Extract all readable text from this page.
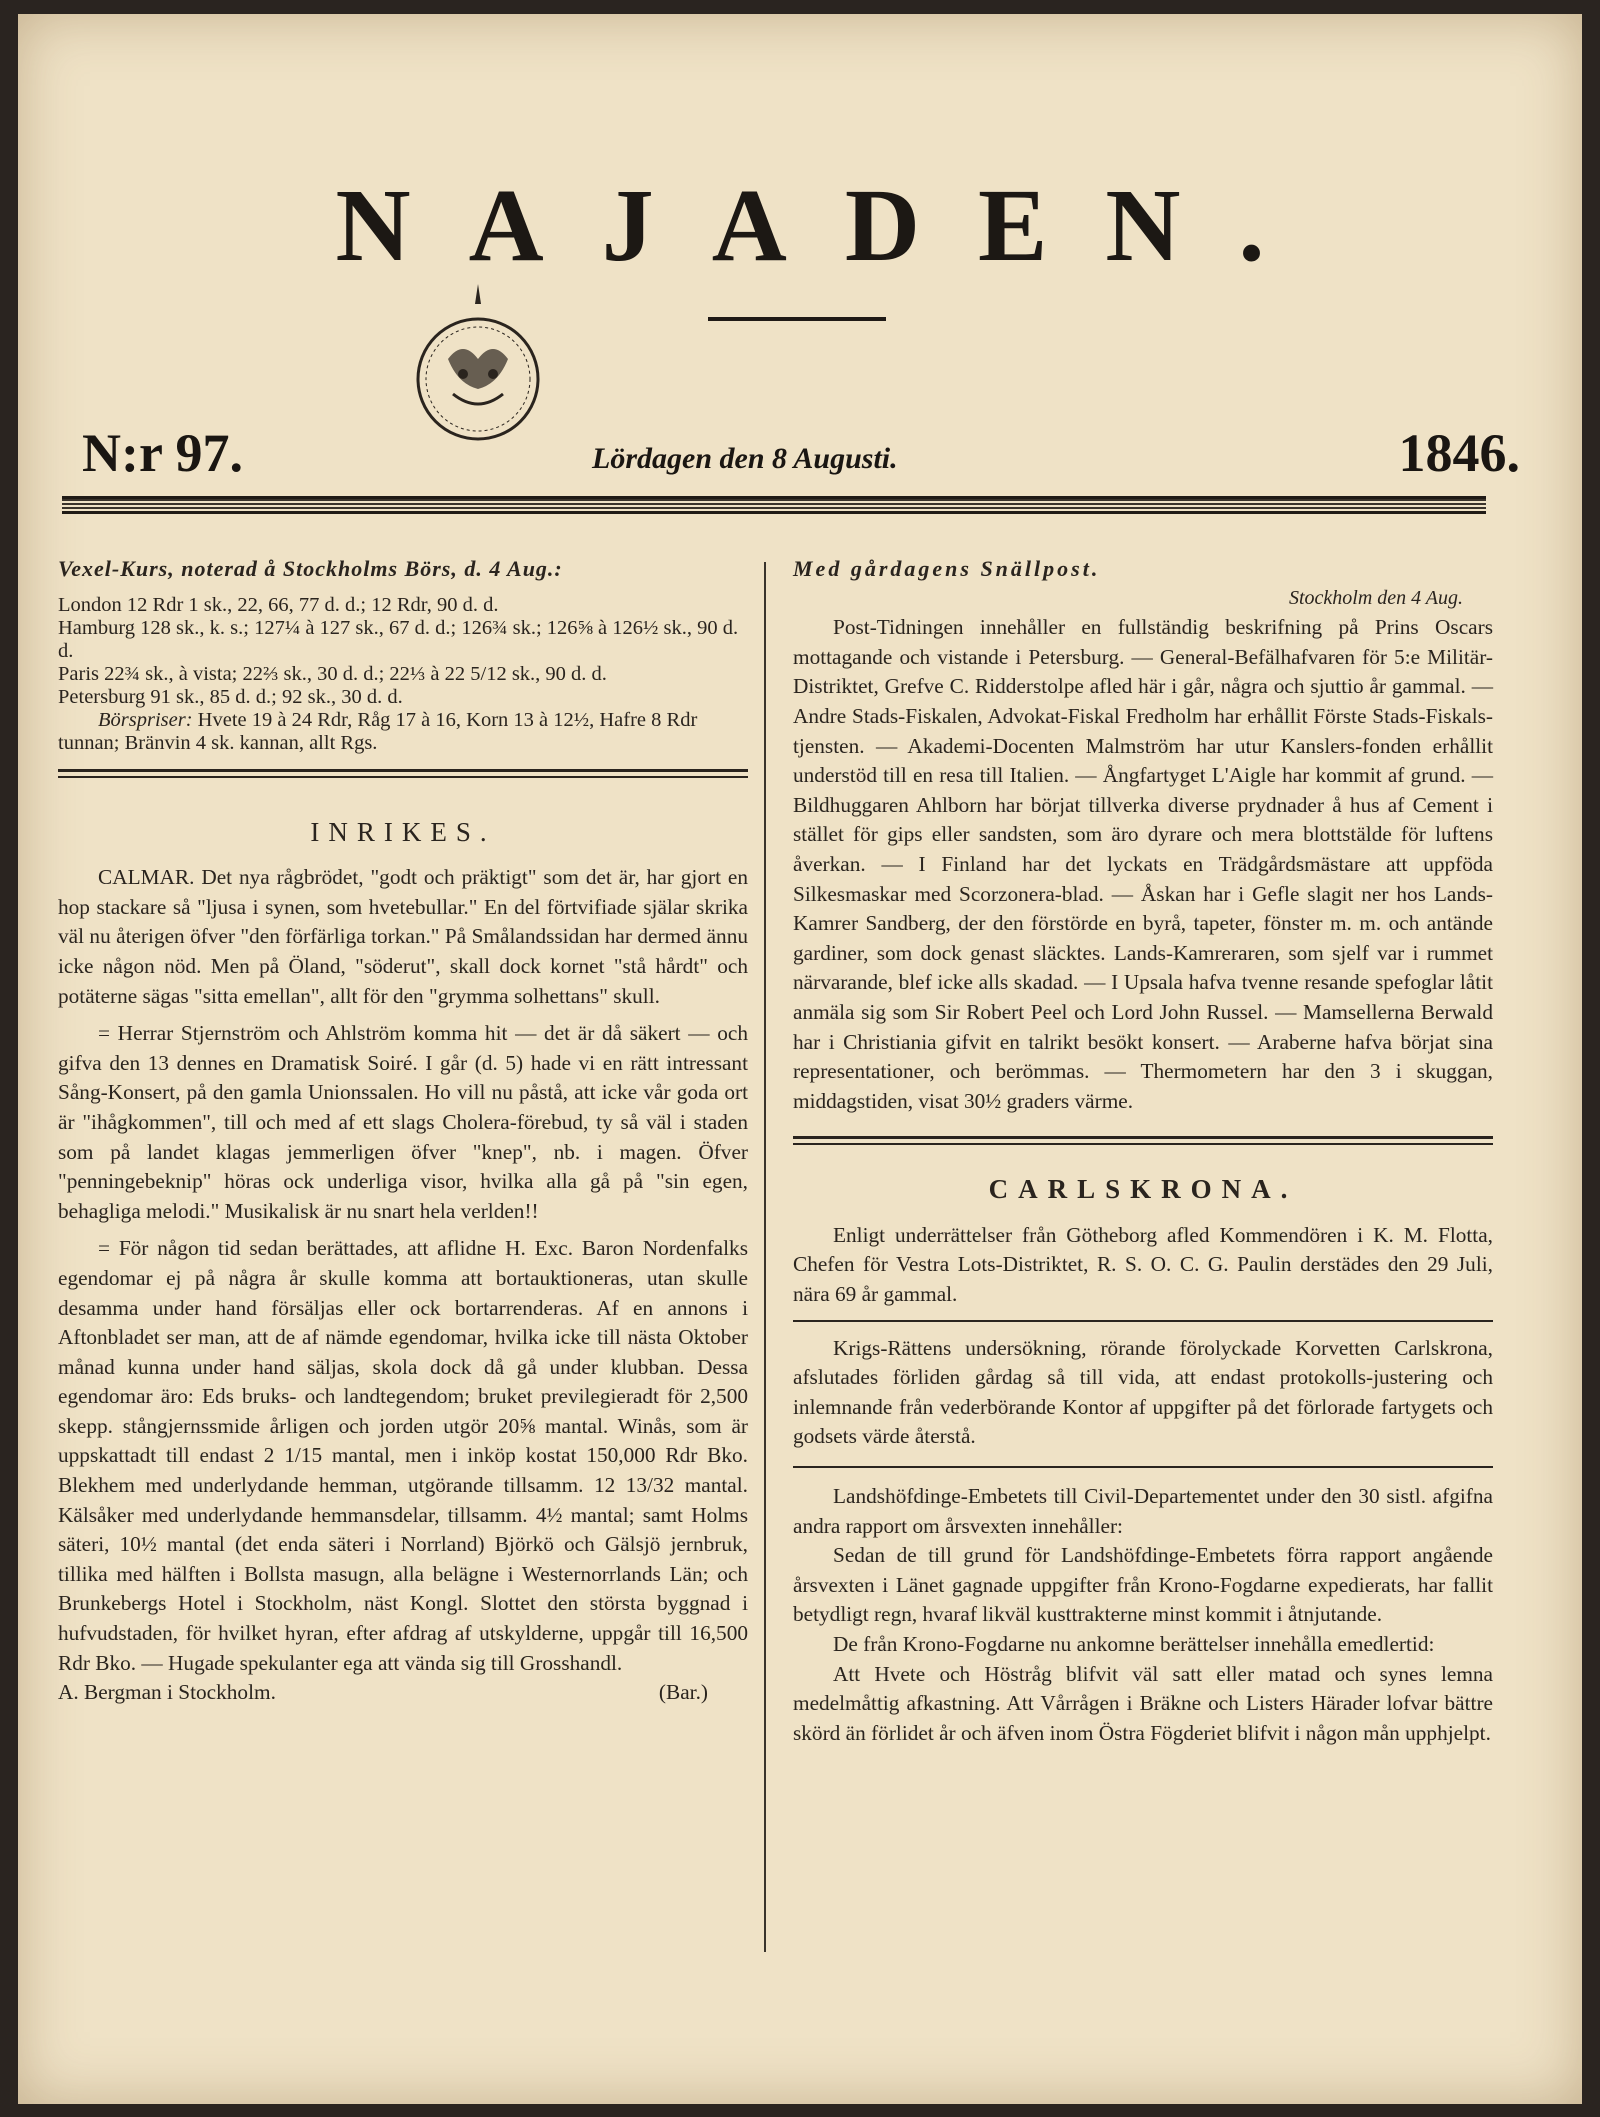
NAJADEN.
N:r 97.	Lördagen den 8 Augusti.	1846.

Vexel-Kurs, noterad å Stockholms Börs, d. 4 Aug.:

London 12 Rdr 1 sk., 22, 66, 77 d. d.; 12 Rdr, 90 d. d.

Hamburg 128 sk., k. s.; 127¼ à 127 sk., 67 d. d.; 126¾ sk.; 126⅝ à 126½ sk., 90 d. d.

Paris 22¾ sk., à vista; 22⅔ sk., 30 d. d.; 22⅓ à 22 5/12 sk., 90 d. d.

Petersburg 91 sk., 85 d. d.; 92 sk., 30 d. d.

Börspriser: Hvete 19 à 24 Rdr, Råg 17 à 16, Korn 13 à 12½, Hafre 8 Rdr tunnan; Bränvin 4 sk. kannan, allt Rgs.

INRIKES.

CALMAR. Det nya rågbrödet, "godt och präktigt" som det är, har gjort en hop stackare så "ljusa i synen, som hvetebullar." En del förtvifiade själar skrika väl nu återigen öfver "den förfärliga torkan." På Smålandssidan har dermed ännu icke någon nöd. Men på Öland, "söderut", skall dock kornet "stå hårdt" och potäterne sägas "sitta emellan", allt för den "grymma solhettans" skull.

= Herrar Stjernström och Ahlström komma hit — det är då säkert — och gifva den 13 dennes en Dramatisk Soiré. I går (d. 5) hade vi en rätt intressant Sång-Konsert, på den gamla Unionssalen. Ho vill nu påstå, att icke vår goda ort är "ihågkommen", till och med af ett slags Cholera-förebud, ty så väl i staden som på landet klagas jemmerligen öfver "knep", nb. i magen. Öfver "penningebeknip" höras ock underliga visor, hvilka alla gå på "sin egen, behagliga melodi." Musikalisk är nu snart hela verlden!!

= För någon tid sedan berättades, att aflidne H. Exc. Baron Nordenfalks egendomar ej på några år skulle komma att bortauktioneras, utan skulle desamma under hand försäljas eller ock bortarrenderas. Af en annons i Aftonbladet ser man, att de af nämde egendomar, hvilka icke till nästa Oktober månad kunna under hand säljas, skola dock då gå under klubban. Dessa egendomar äro: Eds bruks- och landtegendom; bruket previlegieradt för 2,500 skepp. stångjernssmide årligen och jorden utgör 20⅝ mantal. Winås, som är uppskattadt till endast 2 1/15 mantal, men i inköp kostat 150,000 Rdr Bko. Blekhem med underlydande hemman, utgörande tillsamm. 12 13/32 mantal. Kälsåker med underlydande hemmansdelar, tillsamm. 4½ mantal; samt Holms säteri, 10½ mantal (det enda säteri i Norrland) Björkö och Gälsjö jernbruk, tillika med hälften i Bollsta masugn, alla belägne i Westernorrlands Län; och Brunkebergs Hotel i Stockholm, näst Kongl. Slottet den största byggnad i hufvudstaden, för hvilket hyran, efter afdrag af utskylderne, uppgår till 16,500 Rdr Bko. — Hugade spekulanter ega att vända sig till Grosshandl.

A. Bergman i Stockholm.	(Bar.)

Med gårdagens Snällpost.

Stockholm den 4 Aug.

Post-Tidningen innehåller en fullständig beskrifning på Prins Oscars mottagande och vistande i Petersburg. — General-Befälhafvaren för 5:e Militär-Distriktet, Grefve C. Ridderstolpe afled här i går, några och sjuttio år gammal. — Andre Stads-Fiskalen, Advokat-Fiskal Fredholm har erhållit Förste Stads-Fiskals-tjensten. — Akademi-Docenten Malmström har utur Kanslers-fonden erhållit understöd till en resa till Italien. — Ångfartyget L'Aigle har kommit af grund. — Bildhuggaren Ahlborn har börjat tillverka diverse prydnader å hus af Cement i stället för gips eller sandsten, som äro dyrare och mera blottstälde för luftens åverkan. — I Finland har det lyckats en Trädgårdsmästare att uppföda Silkesmaskar med Scorzonera-blad. — Åskan har i Gefle slagit ner hos Lands-Kamrer Sandberg, der den förstörde en byrå, tapeter, fönster m. m. och antände gardiner, som dock genast släcktes. Lands-Kamreraren, som sjelf var i rummet närvarande, blef icke alls skadad. — I Upsala hafva tvenne resande spefoglar låtit anmäla sig som Sir Robert Peel och Lord John Russel. — Mamsellerna Berwald har i Christiania gifvit en talrikt besökt konsert. — Araberne hafva börjat sina representationer, och berömmas. — Thermometern har den 3 i skuggan, middagstiden, visat 30½ graders värme.

CARLSKRONA.

Enligt underrättelser från Götheborg afled Kommendören i K. M. Flotta, Chefen för Vestra Lots-Distriktet, R. S. O. C. G. Paulin derstädes den 29 Juli, nära 69 år gammal.

Krigs-Rättens undersökning, rörande förolyckade Korvetten Carlskrona, afslutades förliden gårdag så till vida, att endast protokolls-justering och inlemnande från vederbörande Kontor af uppgifter på det förlorade fartygets och godsets värde återstå.

Landshöfdinge-Embetets till Civil-Departementet under den 30 sistl. afgifna andra rapport om årsvexten innehåller:

Sedan de till grund för Landshöfdinge-Embetets förra rapport angående årsvexten i Länet gagnade uppgifter från Krono-Fogdarne expedierats, har fallit betydligt regn, hvaraf likväl kusttrakterne minst kommit i åtnjutande.

De från Krono-Fogdarne nu ankomne berättelser innehålla emedlertid:

Att Hvete och Höstråg blifvit väl satt eller matad och synes lemna medelmåttig afkastning. Att Vårrågen i Bräkne och Listers Härader lofvar bättre skörd än förlidet år och äfven inom Östra Fögderiet blifvit i någon mån upphjelpt.
